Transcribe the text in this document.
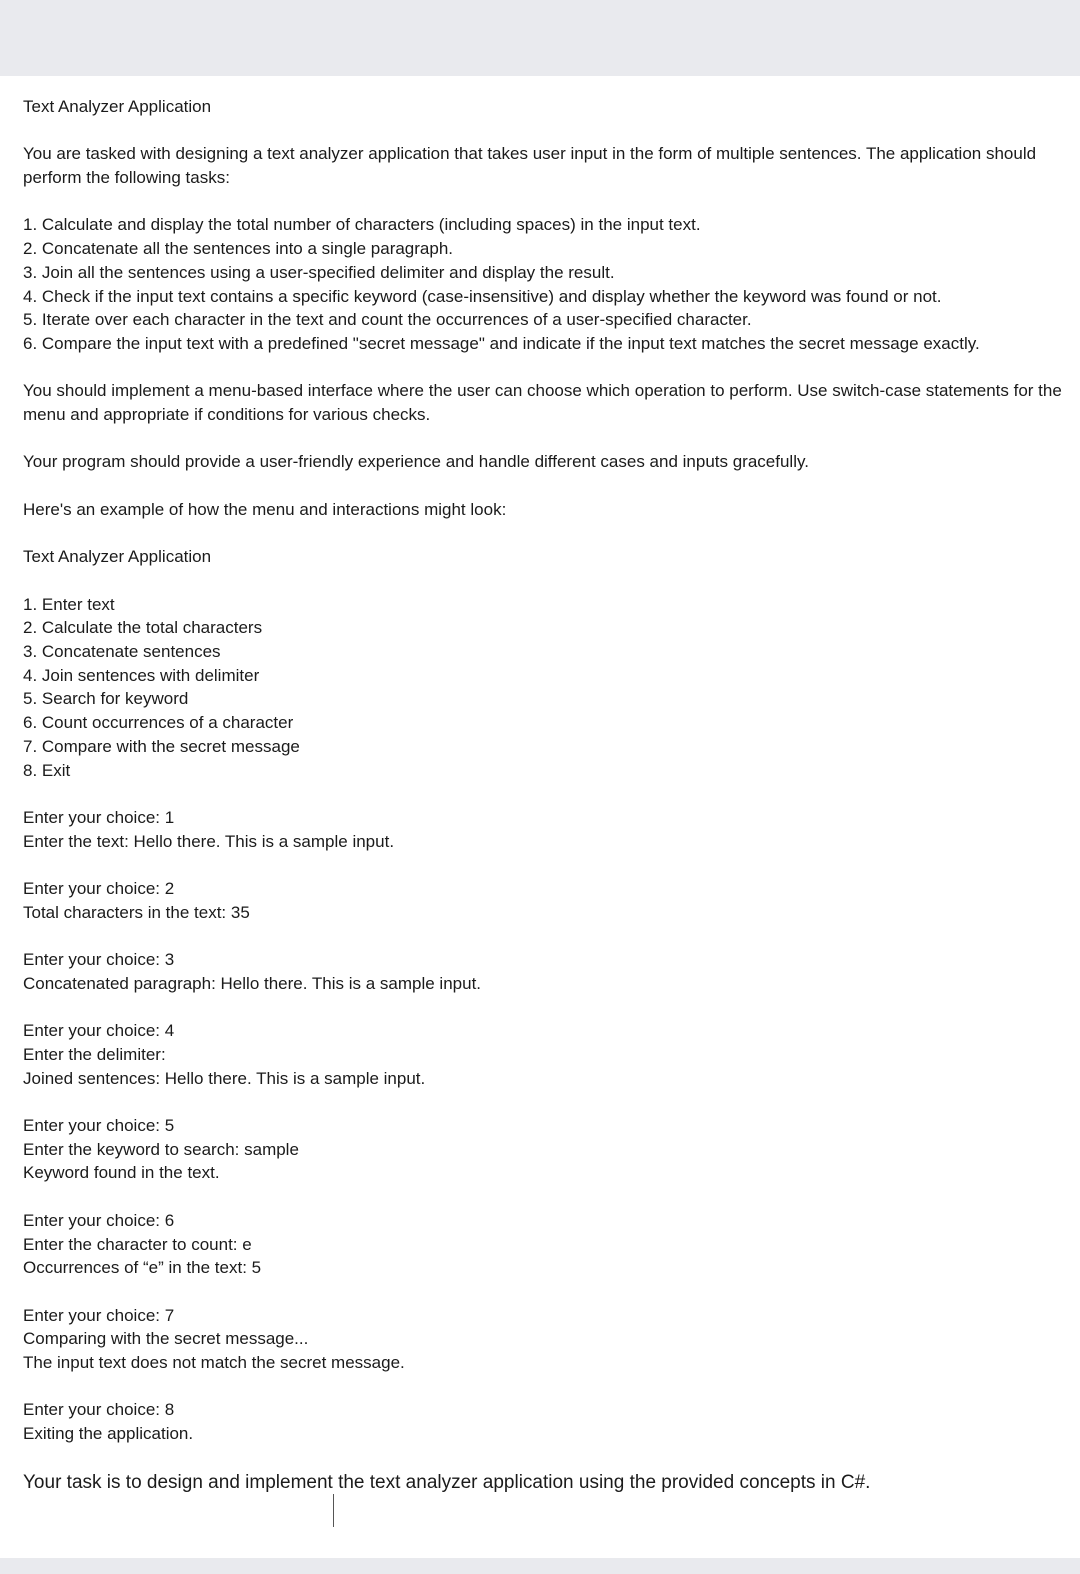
Text Analyzer Application

You are tasked with designing a text analyzer application that takes user input in the form of multiple sentences. The application should perform the following tasks:

1. Calculate and display the total number of characters (including spaces) in the input text.

2. Concatenate all the sentences into a single paragraph.

3. Join all the sentences using a user-specified delimiter and display the result.

4. Check if the input text contains a specific keyword (case-insensitive) and display whether the keyword was found or not.

5. Iterate over each character in the text and count the occurrences of a user-specified character.

6. Compare the input text with a predefined "secret message" and indicate if the input text matches the secret message exactly.

You should implement a menu-based interface where the user can choose which operation to perform. Use switch-case statements for the menu and appropriate if conditions for various checks.

Your program should provide a user-friendly experience and handle different cases and inputs gracefully.

Here's an example of how the menu and interactions might look:

Text Analyzer Application

1. Enter text

2. Calculate the total characters

3. Concatenate sentences

4. Join sentences with delimiter

5. Search for keyword

6. Count occurrences of a character

7. Compare with the secret message

8. Exit

Enter your choice: 1

Enter the text: Hello there. This is a sample input.

Enter your choice: 2

Total characters in the text: 35

Enter your choice: 3

Concatenated paragraph: Hello there. This is a sample input.

Enter your choice: 4

Enter the delimiter:

Joined sentences: Hello there. This is a sample input.

Enter your choice: 5

Enter the keyword to search: sample

Keyword found in the text.

Enter your choice: 6

Enter the character to count: e

Occurrences of “e” in the text: 5

Enter your choice: 7

Comparing with the secret message...

The input text does not match the secret message.

Enter your choice: 8

Exiting the application.

Your task is to design and implement the text analyzer application using the provided concepts in C#.
